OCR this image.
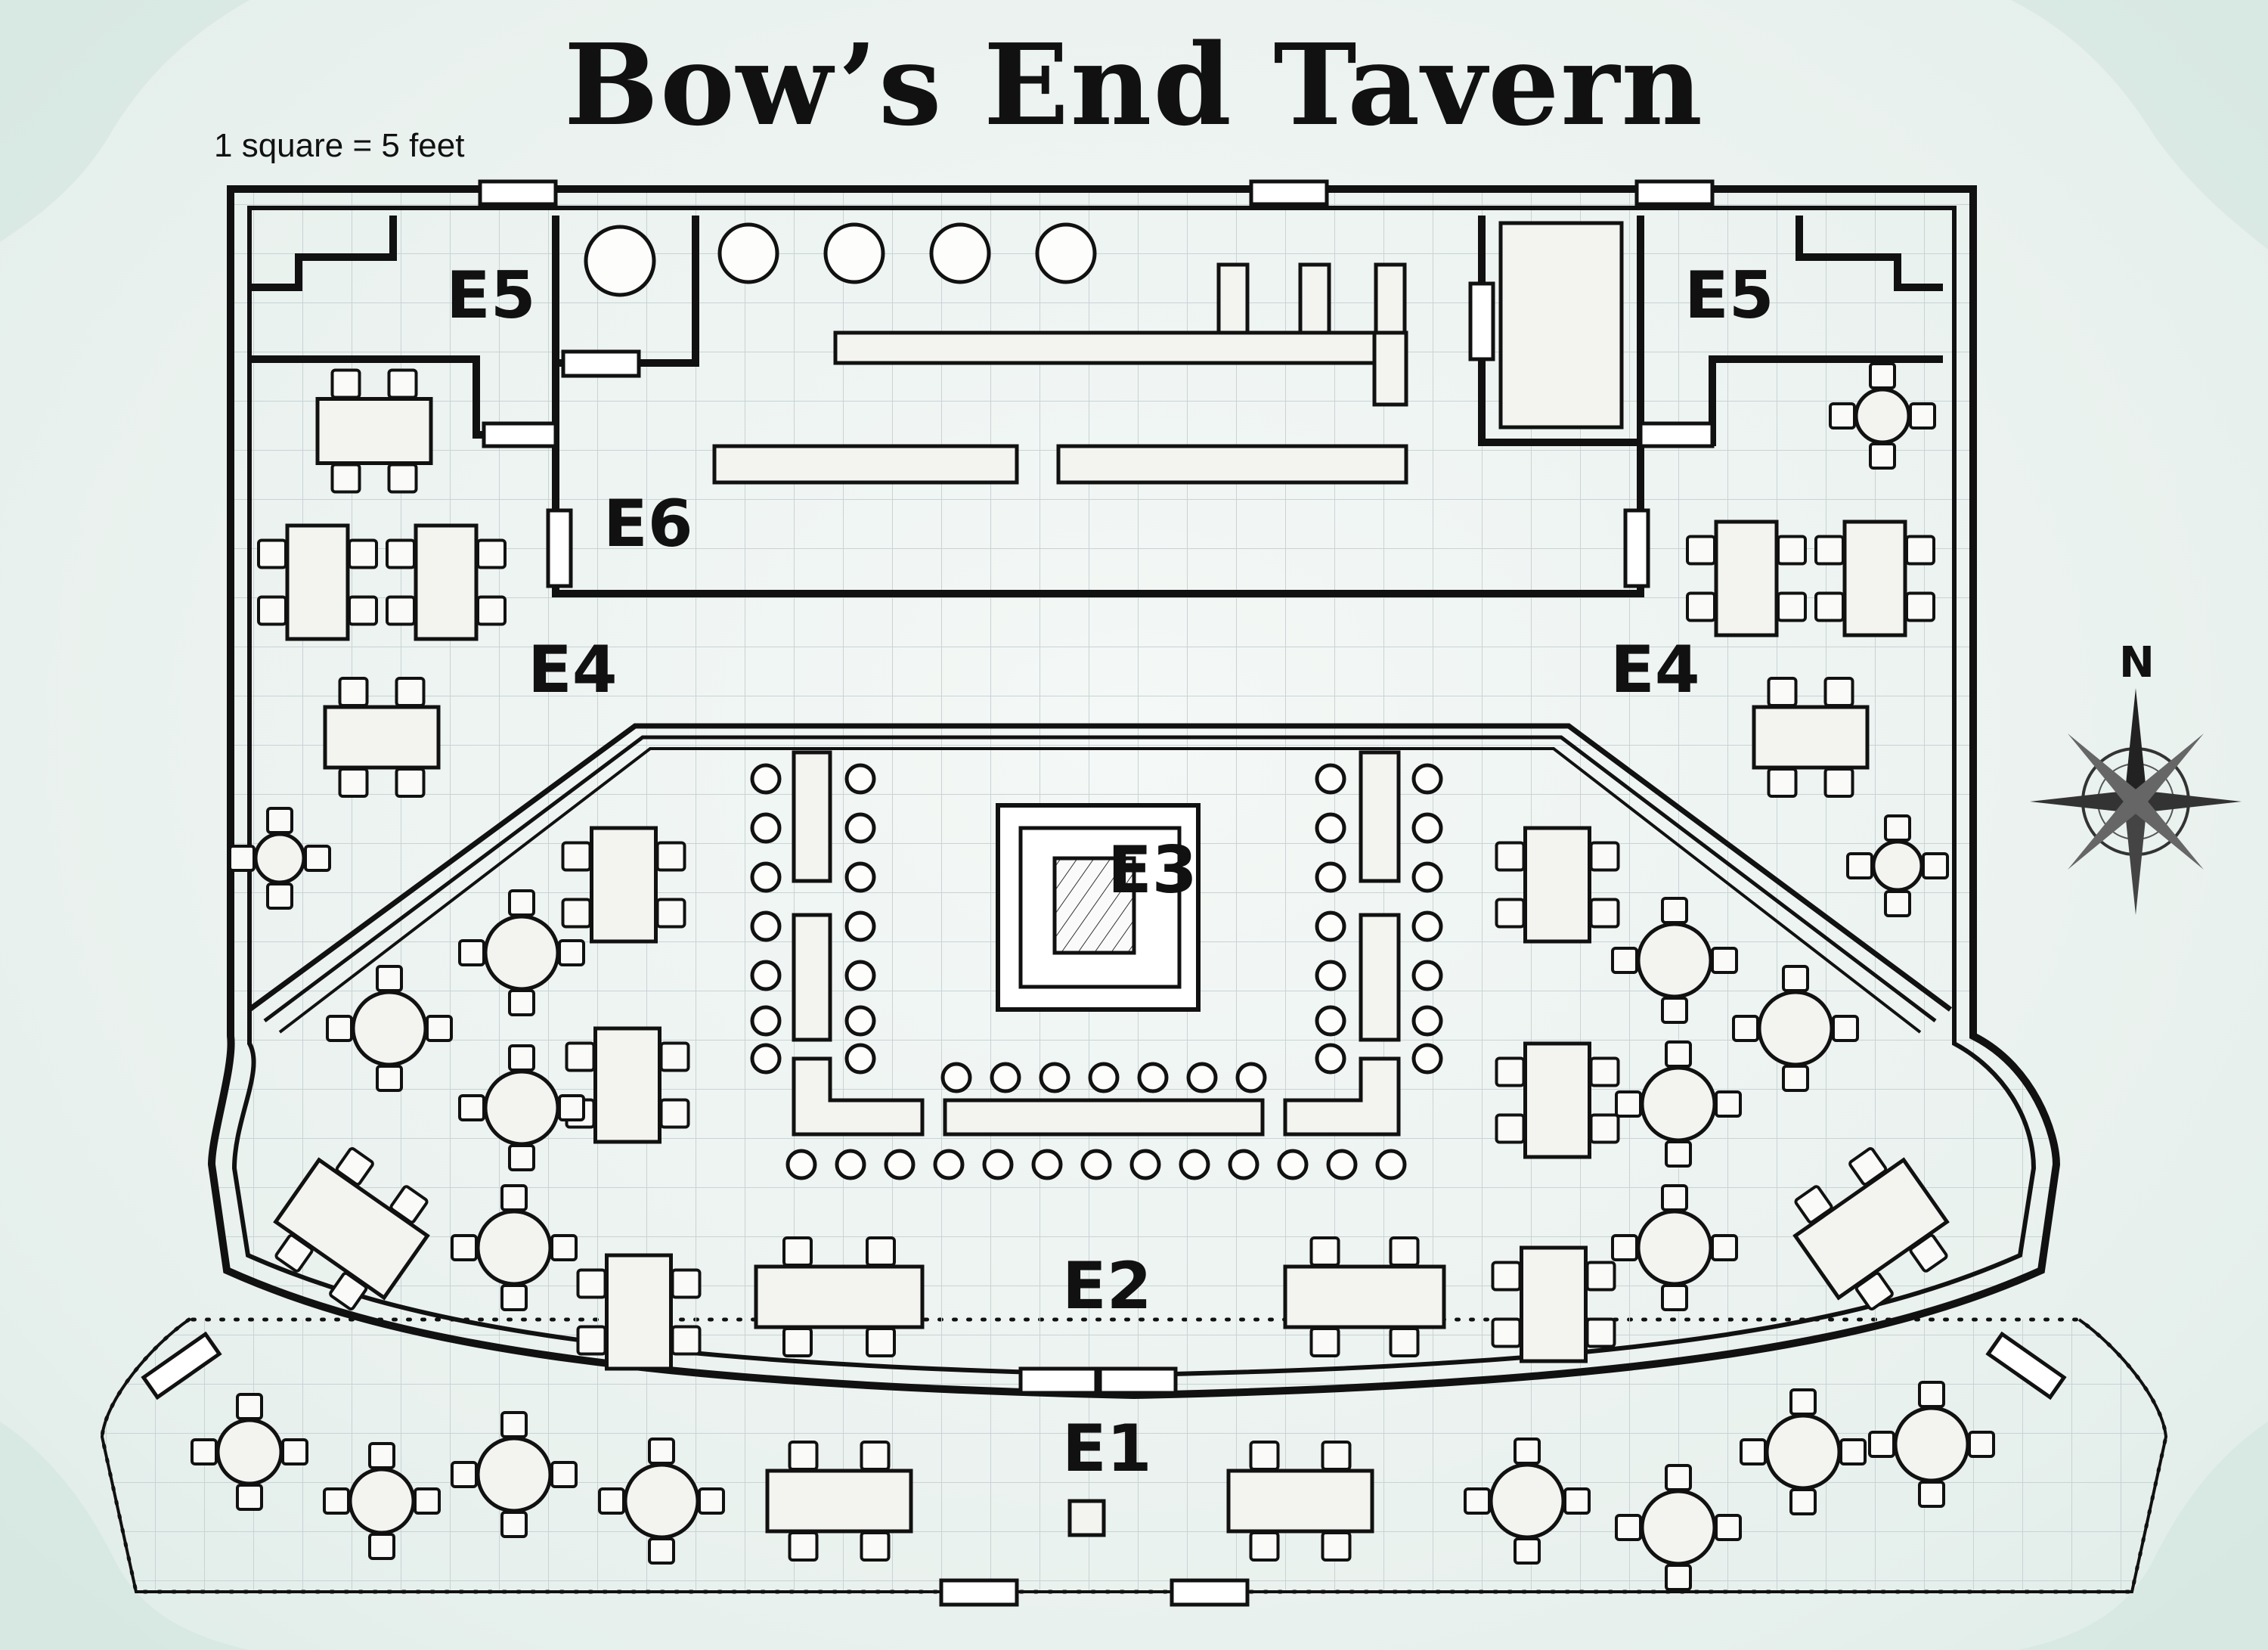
Bow’s End Tavern
1 square = 5 feet
N
E1
E2
E3
E4	E4
E5	E5
E6
